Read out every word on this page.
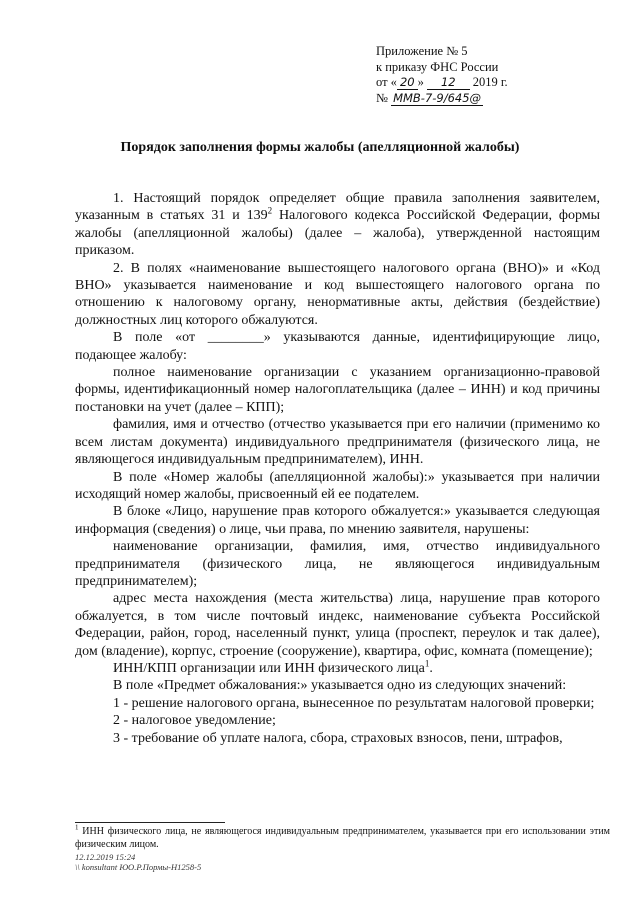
Приложение № 5
к приказу ФНС России
от « 20 » 12 2019 г.
№ ММВ-7-9/645@
Порядок заполнения формы жалобы (апелляционной жалобы)

1. Настоящий порядок определяет общие правила заполнения заявителем, указанным в статьях 31 и $139^2$ Налогового кодекса Российской Федерации, формы жалобы (апелляционной жалобы) (далее – жалоба), утвержденной настоящим приказом.

2. В полях «наименование вышестоящего налогового органа (ВНО)» и «Код ВНО» указывается наименование и код вышестоящего налогового органа по отношению к налоговому органу, ненормативные акты, действия (бездействие) должностных лиц которого обжалуются.

В поле «от ________» указываются данные, идентифицирующие лицо, подающее жалобу:

полное наименование организации с указанием организационно-правовой формы, идентификационный номер налогоплательщика (далее – ИНН) и код причины постановки на учет (далее – КПП);

фамилия, имя и отчество (отчество указывается при его наличии (применимо ко всем листам документа) индивидуального предпринимателя (физического лица, не являющегося индивидуальным предпринимателем), ИНН.

В поле «Номер жалобы (апелляционной жалобы):» указывается при наличии исходящий номер жалобы, присвоенный ей ее подателем.

В блоке «Лицо, нарушение прав которого обжалуется:» указывается следующая информация (сведения) о лице, чьи права, по мнению заявителя, нарушены:

наименование организации, фамилия, имя, отчество индивидуального предпринимателя (физического лица, не являющегося индивидуальным предпринимателем);

адрес места нахождения (места жительства) лица, нарушение прав которого обжалуется, в том числе почтовый индекс, наименование субъекта Российской Федерации, район, город, населенный пункт, улица (проспект, переулок и так далее), дом (владение), корпус, строение (сооружение), квартира, офис, комната (помещение);

ИНН/КПП организации или ИНН физического лица$^1$.

В поле «Предмет обжалования:» указывается одно из следующих значений:

1 - решение налогового органа, вынесенное по результатам налоговой проверки;

2 - налоговое уведомление;

3 - требование об уплате налога, сбора, страховых взносов, пени, штрафов,

$^1$ ИНН физического лица, не являющегося индивидуальным предпринимателем, указывается при его использовании этим физическим лицом.
12.12.2019 15:24
\\ konsultant ЮО.Р.Пормы-Н1258-5
